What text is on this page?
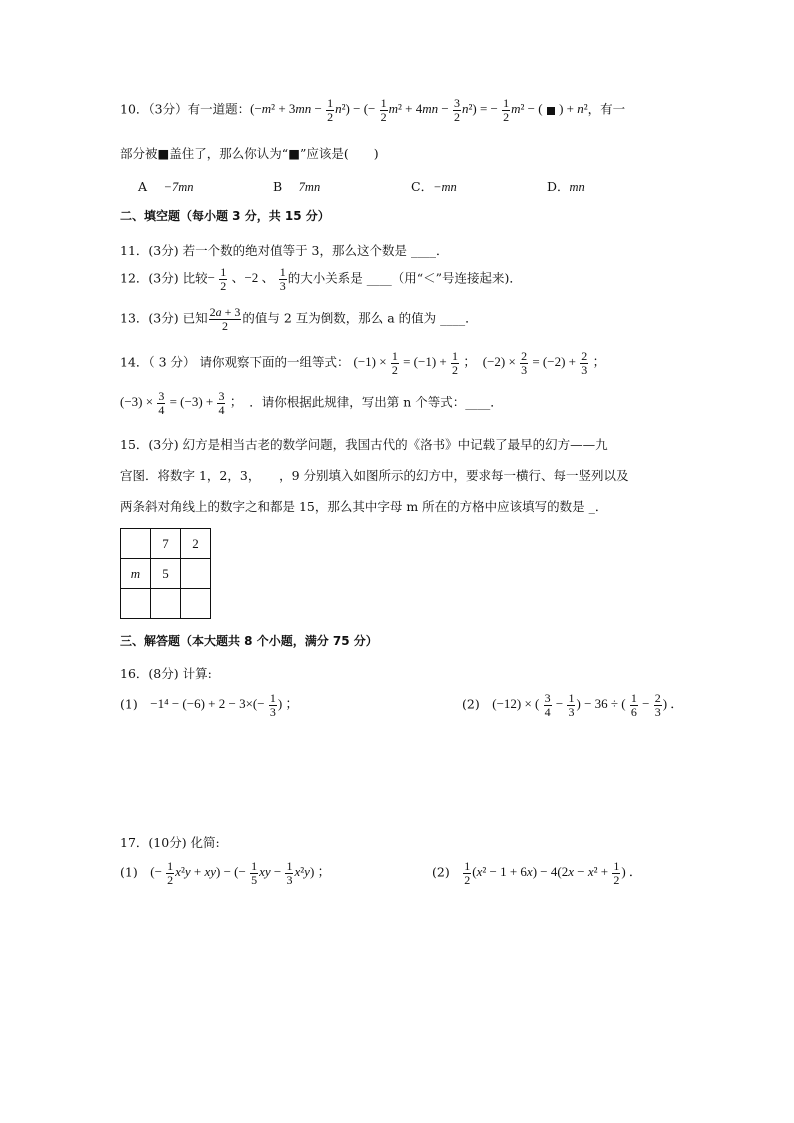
10．（3分）有一道题：$(-m^2 + 3mn - \frac{1}{2} n^2)$ − (− $\frac{1}{2} m^2 + 4mn - \frac{3}{2} n^2$) = − $\frac{1}{2} m^2$ − (  ) + n²，有一
部分被■盖住了，那么你认为“■”应该是(　　)
A　 −7mn	B　 7mn	C．−mn	D．mn
二、填空题（每小题 3 分，共 15 分）
11．(3分) 若一个数的绝对值等于 3，那么这个数是 ____．
12．(3分) 比较− $\frac{1}{2}$ 、−2 、 $\frac{1}{3}$ 的大小关系是 ____（用“＜”号连接起来)．
13．(3分) 已知 $\frac{2a + 3}{2}$ 的值与 2 互为倒数，那么 a 的值为 ____．
14．（ 3 分） 请你观察下面的一组等式： $(-1) \times \frac{1}{2} = (-1) + \frac{1}{2}$ ；　$(-2) \times \frac{2}{3} = (-2) + \frac{2}{3}$ ；
$(-3) \times \frac{3}{4} = (-3) + \frac{3}{4}$ ；　．请你根据此规律，写出第 n 个等式：____．
15．(3分) 幻方是相当古老的数学问题，我国古代的《洛书》中记载了最早的幻方——九
宫图．将数字 1，2，3，　　，9 分别填入如图所示的幻方中，要求每一横行、每一竖列以及
两条斜对角线上的数字之和都是 15，那么其中字母 m 所在的方格中应该填写的数是 _．
	7	2
m	5	

三、解答题（本大题共 8 个小题，满分 75 分）
16．(8分) 计算:
(1)　 $-1^4 - (-6) + 2 - 3\times(- \frac{1}{3}$ ) ；	(2)　 (−12) × ( $\frac{3}{4} - \frac{1}{3}$ ) − 36 ÷ ( $\frac{1}{6} - \frac{2}{3}$ ) ．
17．(10分) 化简:
(1)　 (− $\frac{1}{2} x^2y + xy$) − (− $\frac{1}{5}$ xy − $\frac{1}{3} x^2y$) ；	(2)　 $\frac{1}{2} (x^2 - 1 + 6x) - 4(2x - x^2 + \frac{1}{2}$ ) ．
